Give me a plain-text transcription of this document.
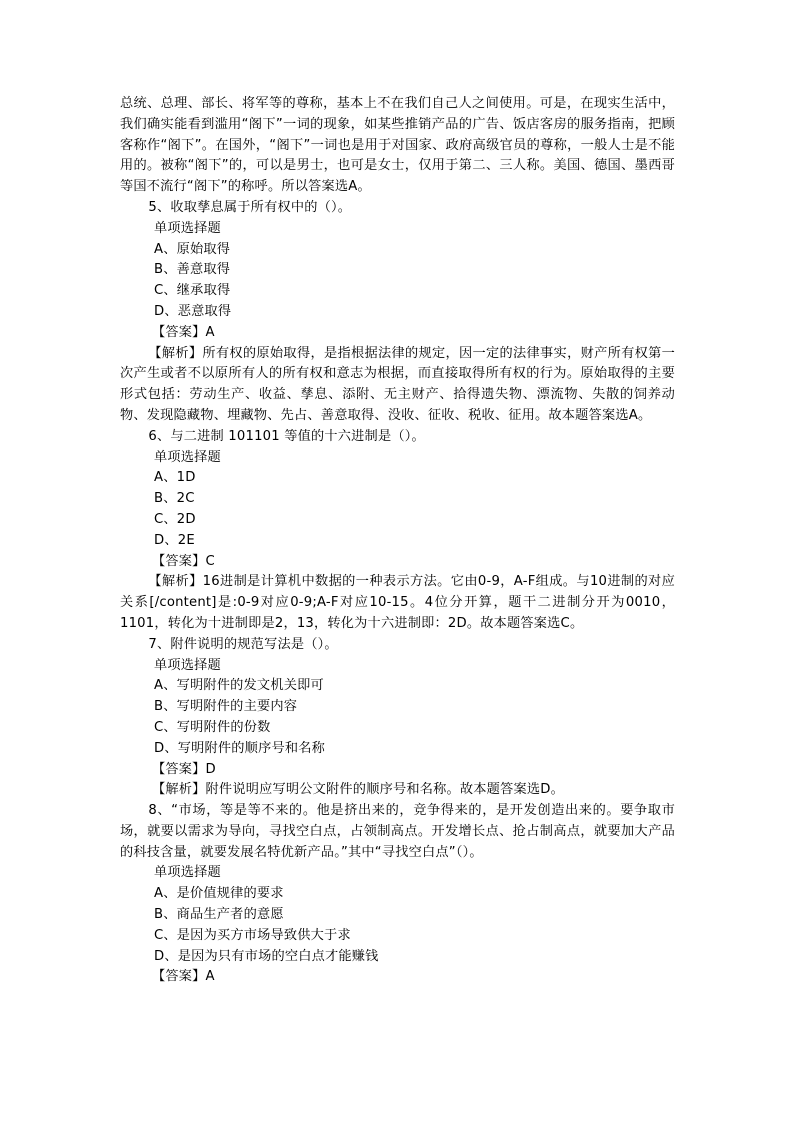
总统、总理、部长、将军等的尊称，基本上不在我们自己人之间使用。可是，在现实生活中，我们确实能看到滥用“阁下”一词的现象，如某些推销产品的广告、饭店客房的服务指南，把顾客称作“阁下”。在国外，“阁下”一词也是用于对国家、政府高级官员的尊称，一般人士是不能用的。被称“阁下”的，可以是男士，也可是女士，仅用于第二、三人称。美国、德国、墨西哥等国不流行“阁下”的称呼。所以答案选A。

5、收取孳息属于所有权中的（）。

单项选择题

A、原始取得

B、善意取得

C、继承取得

D、恶意取得

【答案】A

【解析】所有权的原始取得，是指根据法律的规定，因一定的法律事实，财产所有权第一次产生或者不以原所有人的所有权和意志为根据，而直接取得所有权的行为。原始取得的主要形式包括：劳动生产、收益、孳息、添附、无主财产、拾得遗失物、漂流物、失散的饲养动物、发现隐藏物、埋藏物、先占、善意取得、没收、征收、税收、征用。故本题答案选A。

6、与二进制 101101 等值的十六进制是（）。

单项选择题

A、1D

B、2C

C、2D

D、2E

【答案】C

【解析】16进制是计算机中数据的一种表示方法。它由0-9，A-F组成。与10进制的对应关系[/content]是:0-9对应0-9;A-F对应10-15。4位分开算，题干二进制分开为0010，1101，转化为十进制即是2，13，转化为十六进制即：2D。故本题答案选C。

7、附件说明的规范写法是（）。

单项选择题

A、写明附件的发文机关即可

B、写明附件的主要内容

C、写明附件的份数

D、写明附件的顺序号和名称

【答案】D

【解析】附件说明应写明公文附件的顺序号和名称。故本题答案选D。

8、“市场，等是等不来的。他是挤出来的，竞争得来的，是开发创造出来的。要争取市场，就要以需求为导向，寻找空白点，占领制高点。开发增长点、抢占制高点，就要加大产品的科技含量，就要发展名特优新产品。”其中“寻找空白点”（）。

单项选择题

A、是价值规律的要求

B、商品生产者的意愿

C、是因为买方市场导致供大于求

D、是因为只有市场的空白点才能赚钱

【答案】A
